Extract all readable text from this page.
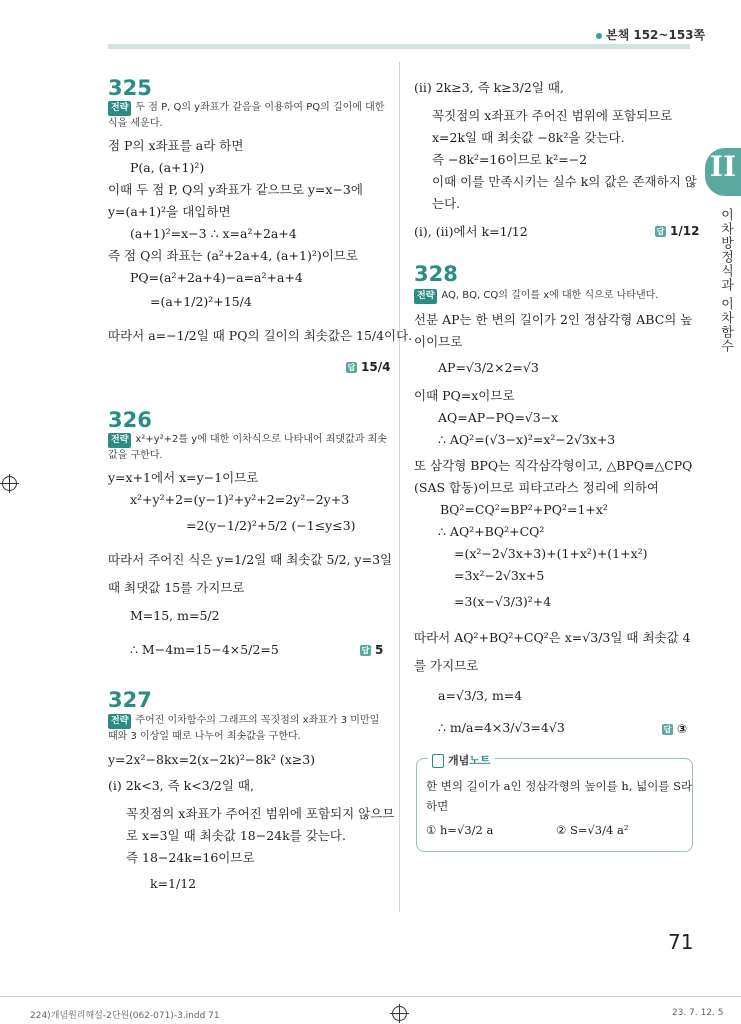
본책 152~153쪽
II
이차방정식과 이차함수
71
224)개념원리해설-2단원(062-071)-3.indd 71	23. 7. 12. 5
325
전략 두 점 P, Q의 y좌표가 같음을 이용하여 PQ의 길이에 대한 식을 세운다.
점 P의 x좌표를 a라 하면
P(a, (a+1)²)
이때 두 점 P, Q의 y좌표가 같으므로 y=x−3에
y=(a+1)²을 대입하면
(a+1)²=x−3 ∴ x=a²+2a+4
즉 점 Q의 좌표는 (a²+2a+4, (a+1)²)이므로
PQ=(a²+2a+4)−a=a²+a+4
=(a+1/2)²+15/4
따라서 a=−1/2일 때 PQ의 길이의 최솟값은 15/4이다.
답 15/4
326
전략 x²+y²+2를 y에 대한 이차식으로 나타내어 최댓값과 최솟값을 구한다.
y=x+1에서 x=y−1이므로
x²+y²+2=(y−1)²+y²+2=2y²−2y+3
=2(y−1/2)²+5/2 (−1≤y≤3)
따라서 주어진 식은 y=1/2일 때 최솟값 5/2, y=3일
때 최댓값 15를 가지므로
M=15, m=5/2
∴ M−4m=15−4×5/2=5	답 5
327
전략 주어진 이차함수의 그래프의 꼭짓점의 x좌표가 3 미만일 때와 3 이상일 때로 나누어 최솟값을 구한다.
y=2x²−8kx=2(x−2k)²−8k² (x≥3)
(ⅰ) 2k<3, 즉 k<3/2일 때,
꼭짓점의 x좌표가 주어진 범위에 포함되지 않으므
로 x=3일 때 최솟값 18−24k를 갖는다.
즉 18−24k=16이므로
k=1/12
(ⅱ) 2k≥3, 즉 k≥3/2일 때,
꼭짓점의 x좌표가 주어진 범위에 포함되므로
x=2k일 때 최솟값 −8k²을 갖는다.
즉 −8k²=16이므로 k²=−2
이때 이를 만족시키는 실수 k의 값은 존재하지 않
는다.
(ⅰ), (ⅱ)에서 k=1/12	답 1/12
328
전략 AQ, BQ, CQ의 길이를 x에 대한 식으로 나타낸다.
선분 AP는 한 변의 길이가 2인 정삼각형 ABC의 높
이이므로
AP=√3/2×2=√3
이때 PQ=x이므로
AQ=AP−PQ=√3−x
∴ AQ²=(√3−x)²=x²−2√3x+3
또 삼각형 BPQ는 직각삼각형이고, △BPQ≡△CPQ
(SAS 합동)이므로 피타고라스 정리에 의하여
BQ²=CQ²=BP²+PQ²=1+x²
∴ AQ²+BQ²+CQ²
=(x²−2√3x+3)+(1+x²)+(1+x²)
=3x²−2√3x+5
=3(x−√3/3)²+4
따라서 AQ²+BQ²+CQ²은 x=√3/3일 때 최솟값 4
를 가지므로
a=√3/3, m=4
∴ m/a=4×3/√3=4√3	답 ③
개념노트
한 변의 길이가 a인 정삼각형의 높이를 h, 넓이를 S라
하면
① h=√3/2 a	② S=√3/4 a²
